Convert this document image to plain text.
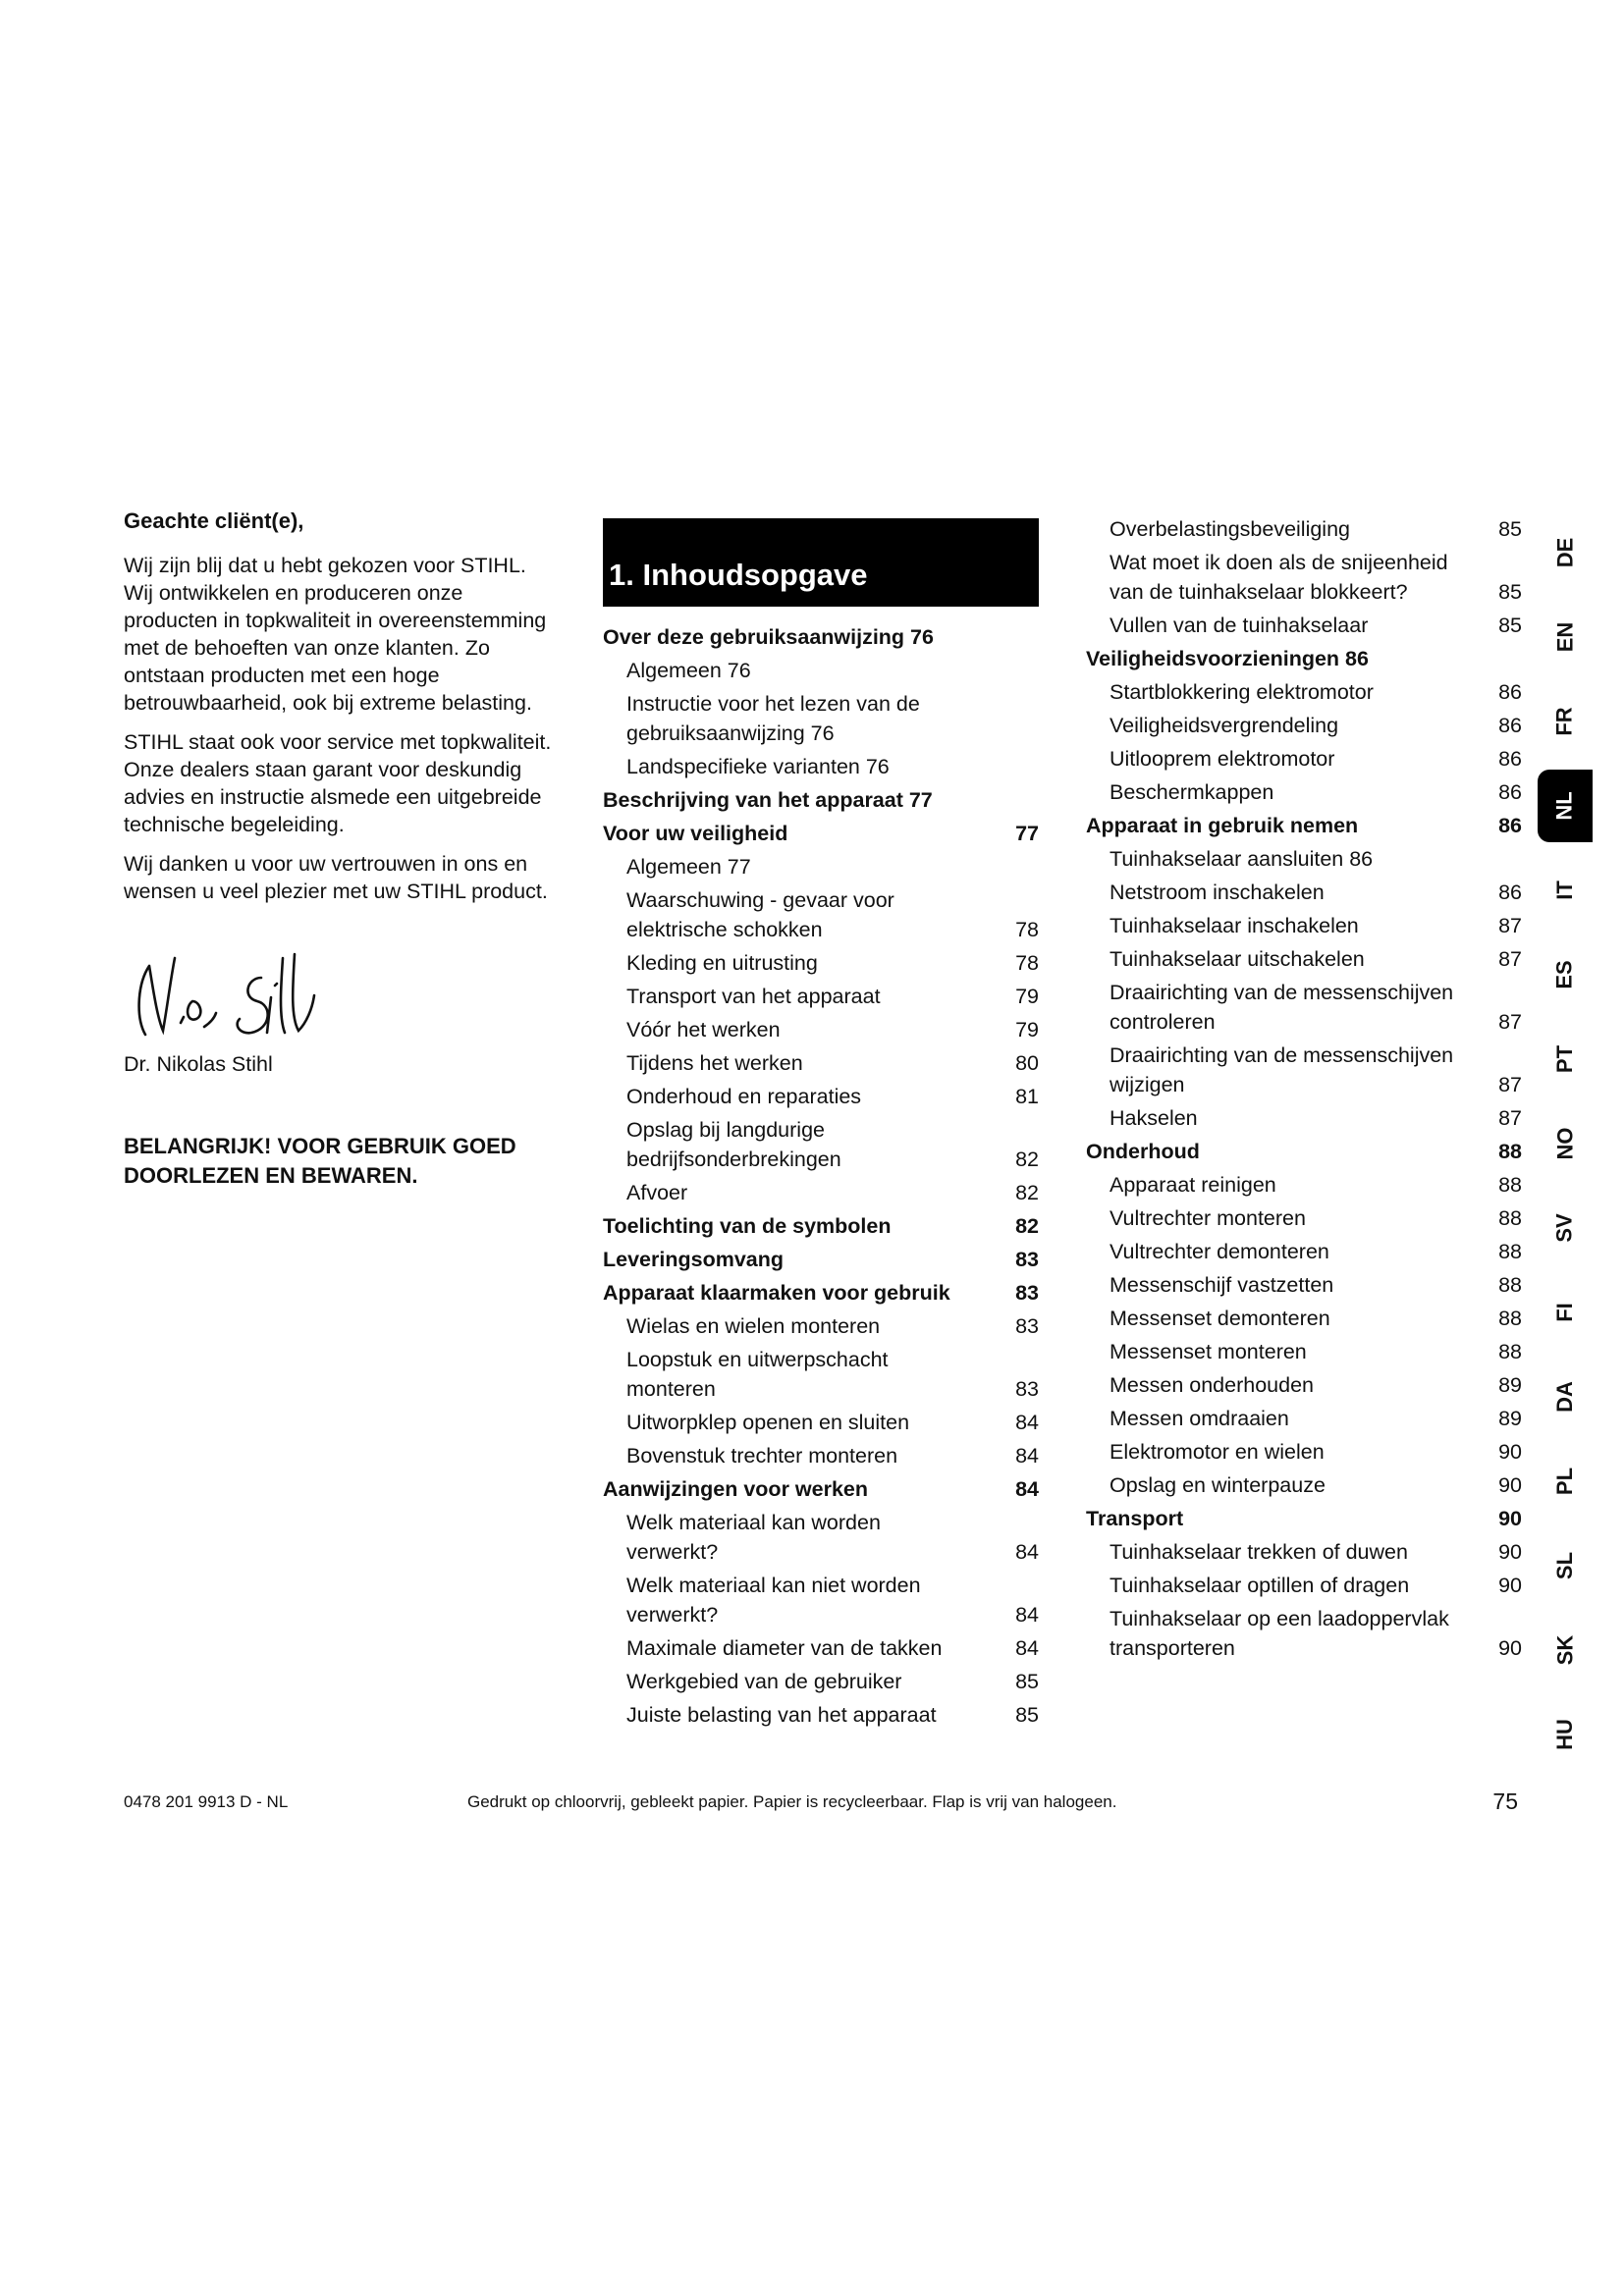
Geachte cliënt(e),

Wij zijn blij dat u hebt gekozen voor STIHL. Wij ontwikkelen en produceren onze producten in topkwaliteit in overeenstemming met de behoeften van onze klanten. Zo ontstaan producten met een hoge betrouwbaarheid, ook bij extreme belasting.

STIHL staat ook voor service met topkwaliteit. Onze dealers staan garant voor deskundig advies en instructie alsmede een uitgebreide technische begeleiding.

Wij danken u voor uw vertrouwen in ons en wensen u veel plezier met uw STIHL product.

Dr. Nikolas Stihl

BELANGRIJK! VOOR GEBRUIK GOED DOORLEZEN EN BEWAREN.

1. Inhoudsopgave
Over deze gebruiksaanwijzing 76
Algemeen 76
Instructie voor het lezen van de gebruiksaanwijzing 76
Landspecifieke varianten 76
Beschrijving van het apparaat 77
Voor uw veiligheid	77
Algemeen 77
Waarschuwing - gevaar voor elektrische schokken	78
Kleding en uitrusting	78
Transport van het apparaat	79
Vóór het werken	79
Tijdens het werken	80
Onderhoud en reparaties	81
Opslag bij langdurige bedrijfsonderbrekingen	82
Afvoer	82
Toelichting van de symbolen	82
Leveringsomvang	83
Apparaat klaarmaken voor gebruik	83
Wielas en wielen monteren	83
Loopstuk en uitwerpschacht monteren	83
Uitworpklep openen en sluiten	84
Bovenstuk trechter monteren	84
Aanwijzingen voor werken	84
Welk materiaal kan worden verwerkt?	84
Welk materiaal kan niet worden verwerkt?	84
Maximale diameter van de takken	84
Werkgebied van de gebruiker	85
Juiste belasting van het apparaat	85
Overbelastingsbeveiliging	85
Wat moet ik doen als de snijeenheid van de tuinhakselaar blokkeert?	85
Vullen van de tuinhakselaar	85
Veiligheidsvoorzieningen 86
Startblokkering elektromotor	86
Veiligheidsvergrendeling	86
Uitlooprem elektromotor	86
Beschermkappen	86
Apparaat in gebruik nemen	86
Tuinhakselaar aansluiten 86
Netstroom inschakelen	86
Tuinhakselaar inschakelen	87
Tuinhakselaar uitschakelen	87
Draairichting van de messenschijven controleren	87
Draairichting van de messenschijven wijzigen	87
Hakselen	87
Onderhoud	88
Apparaat reinigen	88
Vultrechter monteren	88
Vultrechter demonteren	88
Messenschijf vastzetten	88
Messenset demonteren	88
Messenset monteren	88
Messen onderhouden	89
Messen omdraaien	89
Elektromotor en wielen	90
Opslag en winterpauze	90
Transport	90
Tuinhakselaar trekken of duwen	90
Tuinhakselaar optillen of dragen	90
Tuinhakselaar op een laadoppervlak transporteren	90
DE
EN
FR
NL
IT
ES
PT
NO
SV
FI
DA
PL
SL
SK
HU
0478 201 9913 D - NL	Gedrukt op chloorvrij, gebleekt papier. Papier is recycleerbaar. Flap is vrij van halogeen.	75
